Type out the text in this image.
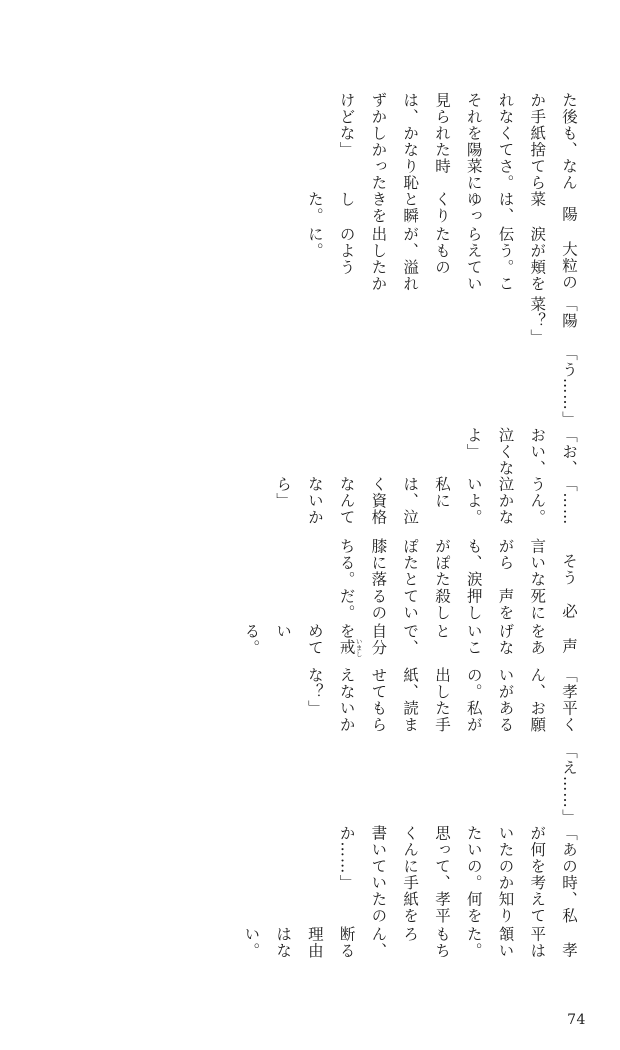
た後も、なんか手紙捨てられなくてさ。それを陽菜に見られた時は、かなり恥ずかしかったけどな」

陽菜は、ゆっくりと瞬きをした。

大粒の涙が頬を伝う。こらえていたものが、溢れ出したかのように。

「陽菜？」

「う……」

「お、おい、泣くなよ」

「……うん。泣かないよ。私には、泣く資格なんてないから」

そう言いながらも、涙がぽたぽたと膝に落ちる。

必死に声を押し殺しているのだ。

声をあげないことで、自分を戒 いましめている。

「孝平くん、お願いがあるの。私が出した手紙、読ませてもらえないかな？」

「え……」

「あの時、私が何を考えていたのか知りたいの。何を思って、孝平くんに手紙を書いていたのか……」

孝平は頷いた。もちろん、断る理由はない。

74
